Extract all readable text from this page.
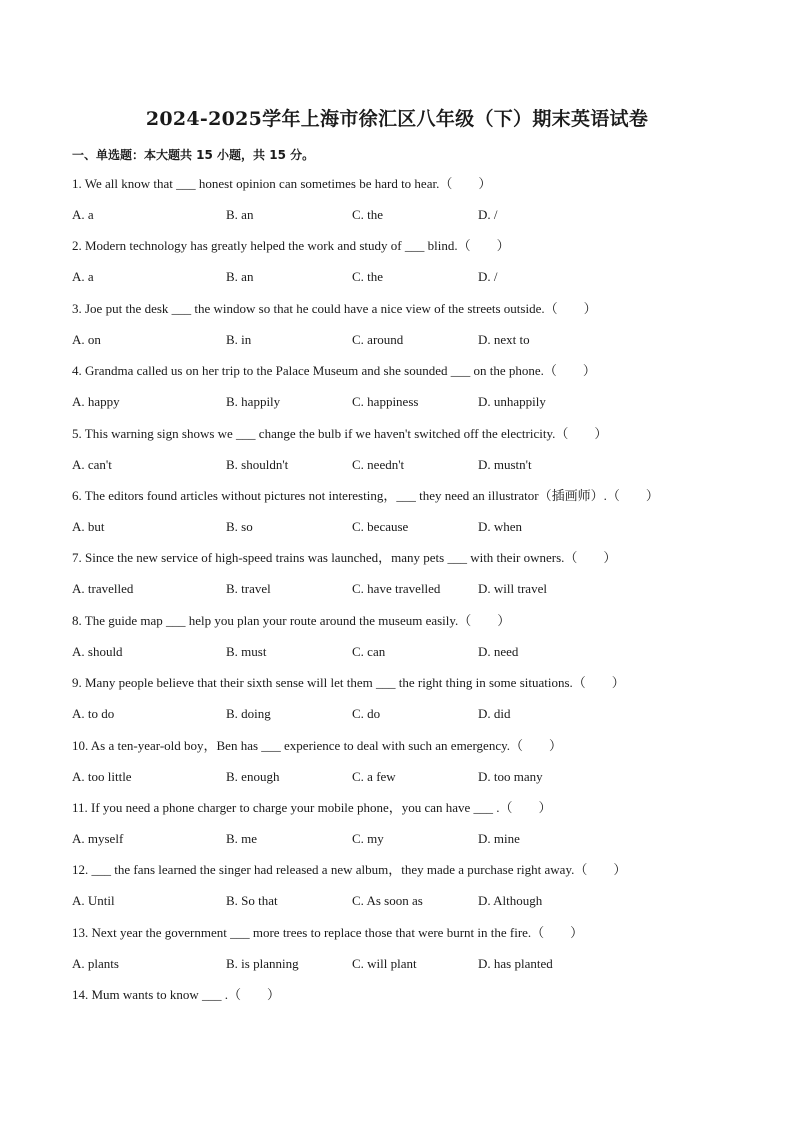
2024-2025学年上海市徐汇区八年级（下）期末英语试卷
一、单选题：本大题共 15 小题，共 15 分。
1. We all know that ___ honest opinion can sometimes be hard to hear.（　　）
A. a	B. an	C. the	D. /
2. Modern technology has greatly helped the work and study of ___ blind.（　　）
A. a	B. an	C. the	D. /
3. Joe put the desk ___ the window so that he could have a nice view of the streets outside.（　　）
A. on	B. in	C. around	D. next to
4. Grandma called us on her trip to the Palace Museum and she sounded ___ on the phone.（　　）
A. happy	B. happily	C. happiness	D. unhappily
5. This warning sign shows we ___ change the bulb if we haven't switched off the electricity.（　　）
A. can't	B. shouldn't	C. needn't	D. mustn't
6. The editors found articles without pictures not interesting，___ they need an illustrator（插画师）.（　　）
A. but	B. so	C. because	D. when
7. Since the new service of high-speed trains was launched，many pets ___ with their owners.（　　）
A. travelled	B. travel	C. have travelled	D. will travel
8. The guide map ___ help you plan your route around the museum easily.（　　）
A. should	B. must	C. can	D. need
9. Many people believe that their sixth sense will let them ___ the right thing in some situations.（　　）
A. to do	B. doing	C. do	D. did
10. As a ten-year-old boy，Ben has ___ experience to deal with such an emergency.（　　）
A. too little	B. enough	C. a few	D. too many
11. If you need a phone charger to charge your mobile phone，you can have ___ .（　　）
A. myself	B. me	C. my	D. mine
12. ___ the fans learned the singer had released a new album，they made a purchase right away.（　　）
A. Until	B. So that	C. As soon as	D. Although
13. Next year the government ___ more trees to replace those that were burnt in the fire.（　　）
A. plants	B. is planning	C. will plant	D. has planted
14. Mum wants to know ___ .（　　）
